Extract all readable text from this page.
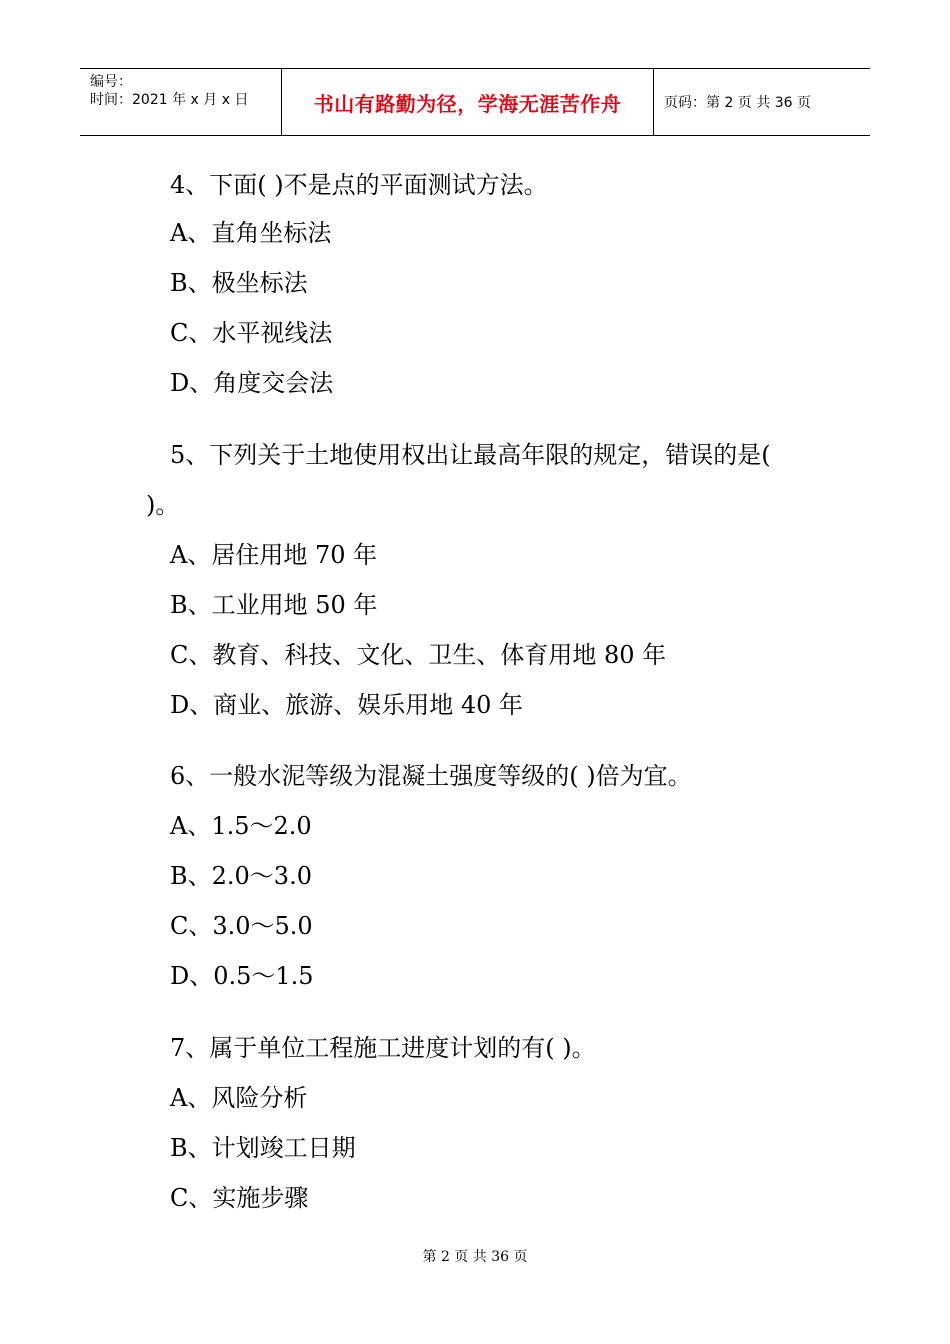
编号：
时间：2021 年 x 月 x 日	书山有路勤为径，学海无涯苦作舟	页码：第 2 页 共 36 页
4、下面( )不是点的平面测试方法。
A、直角坐标法
B、极坐标法
C、水平视线法
D、角度交会法
5、下列关于土地使用权出让最高年限的规定，错误的是(
)。
A、居住用地 70 年
B、工业用地 50 年
C、教育、科技、文化、卫生、体育用地 80 年
D、商业、旅游、娱乐用地 40 年
6、一般水泥等级为混凝土强度等级的( )倍为宜。
A、1.5～2.0
B、2.0～3.0
C、3.0～5.0
D、0.5～1.5
7、属于单位工程施工进度计划的有( )。
A、风险分析
B、计划竣工日期
C、实施步骤
第 2 页 共 36 页
